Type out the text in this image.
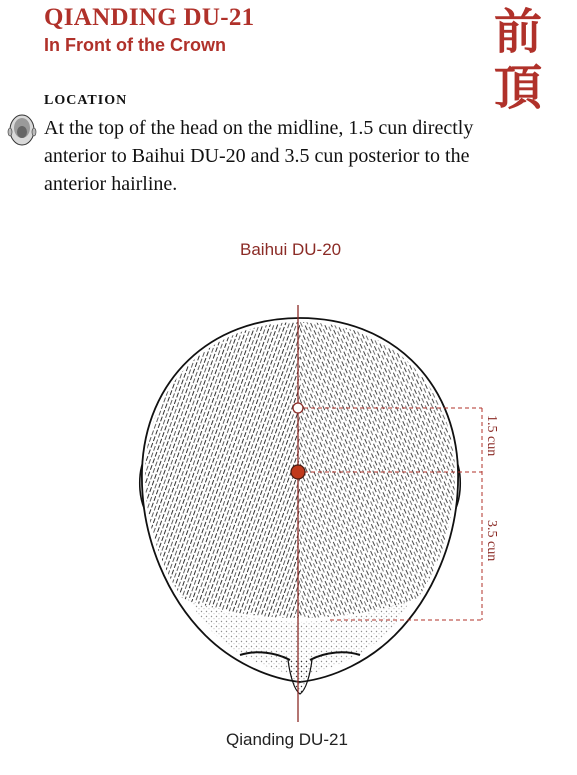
QIANDING DU-21
In Front of the Crown	前
頂
LOCATION

At the top of the head on the midline, 1.5 cun directly anterior to Baihui DU-20 and 3.5 cun posterior to the anterior hairline.

1.5 cun
3.5 cun
Baihui DU-20
Qianding DU-21
